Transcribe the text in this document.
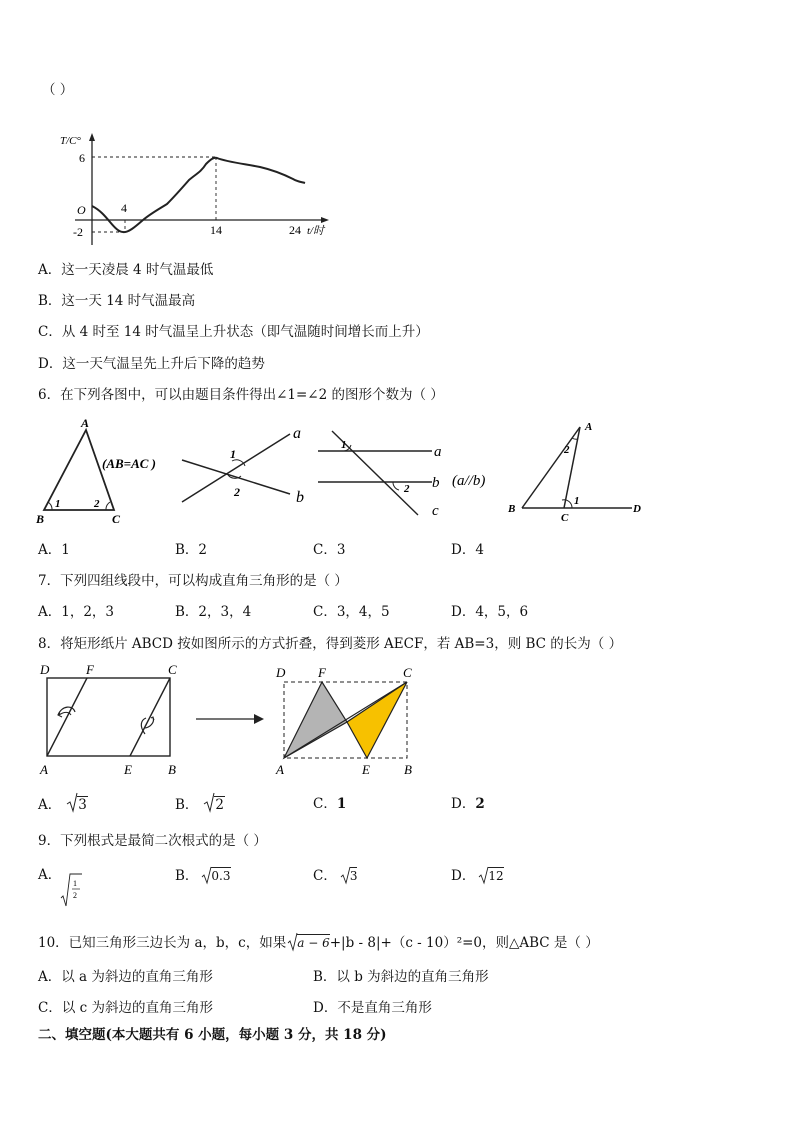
（ ）
T/C°
6
O
-2
4
14	24 t/时
A．这一天凌晨 4 时气温最低
B．这一天 14 时气温最高
C．从 4 时至 14 时气温呈上升状态（即气温随时间增长而上升）
D．这一天气温呈先上升后下降的趋势
6．在下列各图中，可以由题目条件得出∠1=∠2 的图形个数为（ ）
A
B	C
1	2
(AB=AC )
1
2
a
b
1
2
a
b
c
(a//b)
A
B
C
D
2
1
A．1	B．2	C．3	D．4
7．下列四组线段中，可以构成直角三角形的是（ ）
A．1，2，3	B．2，3，4	C．3，4，5	D．4，5，6
8．将矩形纸片 ABCD 按如图所示的方式折叠，得到菱形 AECF，若 AB=3，则 BC 的长为（ ）
D	F	C
A	E	B
D	F	C
A	E	B
A． 3	B． 2	C．1	D．2
9．下列根式是最简二次根式的是（ ）
A．
1
2
B． 0.3	C． 3	D． 12
10．已知三角形三边长为 a，b，c，如果 a − 6+|b - 8|+（c - 10）²=0，则△ABC 是（ ）
A．以 a 为斜边的直角三角形	B．以 b 为斜边的直角三角形
C．以 c 为斜边的直角三角形	D．不是直角三角形
二、填空题(本大题共有 6 小题，每小题 3 分，共 18 分)
